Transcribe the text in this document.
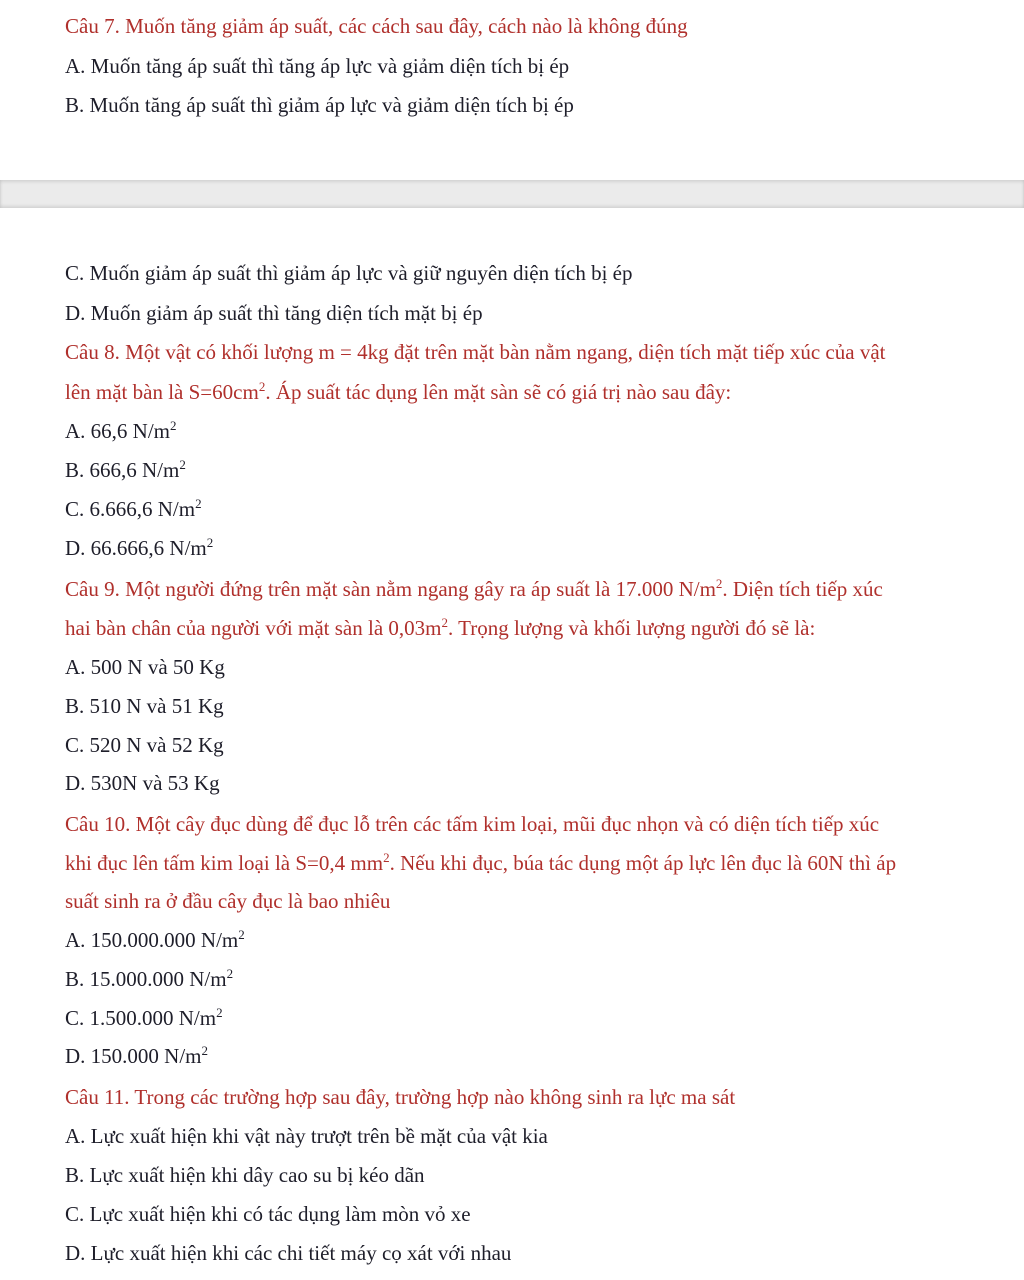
Câu 7. Muốn tăng giảm áp suất, các cách sau đây, cách nào là không đúng
A. Muốn tăng áp suất thì tăng áp lực và giảm diện tích bị ép
B. Muốn tăng áp suất thì giảm áp lực và giảm diện tích bị ép
C. Muốn giảm áp suất thì giảm áp lực và giữ nguyên diện tích bị ép
D. Muốn giảm áp suất thì tăng diện tích mặt bị ép
Câu 8. Một vật có khối lượng m = 4kg đặt trên mặt bàn nằm ngang, diện tích mặt tiếp xúc của vật
lên mặt bàn là $S=60cm^2$. Áp suất tác dụng lên mặt sàn sẽ có giá trị nào sau đây:
A. 66,6 $N/m^2$
B. 666,6 $N/m^2$
C. 6.666,6 $N/m^2$
D. 66.666,6 $N/m^2$
Câu 9. Một người đứng trên mặt sàn nằm ngang gây ra áp suất là 17.000 $N/m^2$. Diện tích tiếp xúc
hai bàn chân của người với mặt sàn là $0,03m^2$. Trọng lượng và khối lượng người đó sẽ là:
A. 500 N và 50 Kg
B. 510 N và 51 Kg
C. 520 N và 52 Kg
D. 530N và 53 Kg
Câu 10. Một cây đục dùng để đục lỗ trên các tấm kim loại, mũi đục nhọn và có diện tích tiếp xúc
khi đục lên tấm kim loại là S=0,4 $mm^2$. Nếu khi đục, búa tác dụng một áp lực lên đục là 60N thì áp
suất sinh ra ở đầu cây đục là bao nhiêu
A. 150.000.000 $N/m^2$
B. 15.000.000 $N/m^2$
C. 1.500.000 $N/m^2$
D. 150.000 $N/m^2$
Câu 11. Trong các trường hợp sau đây, trường hợp nào không sinh ra lực ma sát
A. Lực xuất hiện khi vật này trượt trên bề mặt của vật kia
B. Lực xuất hiện khi dây cao su bị kéo dãn
C. Lực xuất hiện khi có tác dụng làm mòn vỏ xe
D. Lực xuất hiện khi các chi tiết máy cọ xát với nhau
